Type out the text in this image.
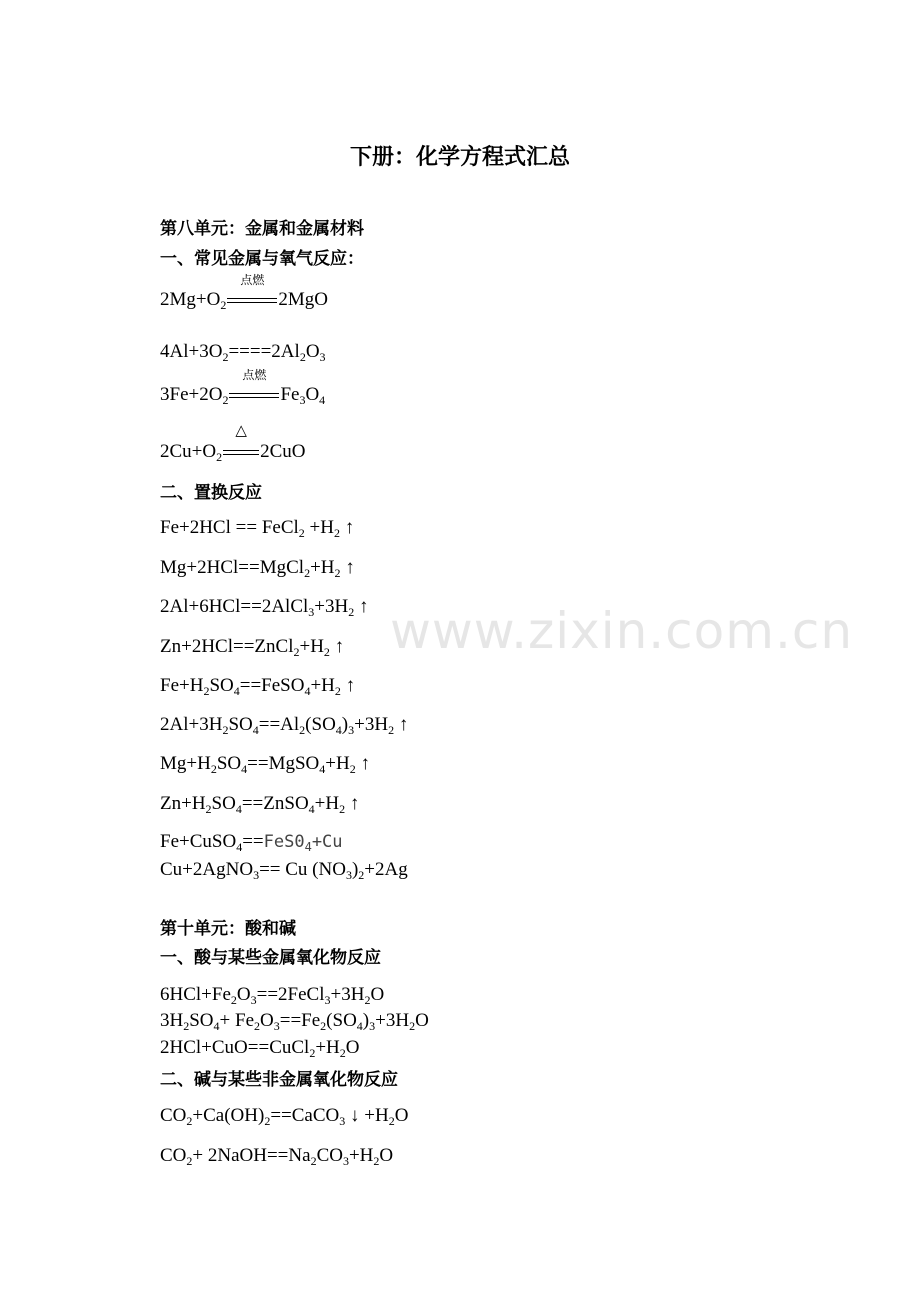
www.zixin.com.cn
下册：化学方程式汇总
第八单元：金属和金属材料
一、常见金属与氧气反应：
$2Mg+O_2$
点燃
2MgO
$4Al+3O_2====2Al_2O_3$
$3Fe+2O_2$
点燃
$Fe_3O_4$
$2Cu+O_2$
△
2CuO
二、置换反应
Fe+2HCl == FeCl$_2$ $+H_2$ ↑
$Mg+2HCl==MgCl_2+H_2$ ↑
$2Al+6HCl==2AlCl_3+3H_2$ ↑
$Zn+2HCl==ZnCl_2+H_2$ ↑
$Fe+H_2SO_4==FeSO_4+H_2$ ↑
$2Al+3H_2SO_4==Al_2(SO_4)_3+3H_2$ ↑
$Mg+H_2SO_4==MgSO_4+H_2$ ↑
$Zn+H_2SO_4==ZnSO_4+H_2$ ↑
$Fe+CuSO_4==FeS0_4+Cu$
Cu+2AgNO$_3$== Cu $(NO_3)_2+2Ag$
第十单元：酸和碱
一、酸与某些金属氧化物反应
$6HCl+Fe_2O_3==2FeCl_3+3H_2O$
$3H_2SO_4+ Fe_2O_3==Fe_2(SO_4)_3+3H_2O$
$2HCl+CuO==CuCl_2+H_2O$
二、碱与某些非金属氧化物反应
$CO_2+Ca(OH)_2==CaCO_3$ ↓ $+H_2O$
$CO_2+$ $2NaOH==Na_2CO_3+H_2O$
